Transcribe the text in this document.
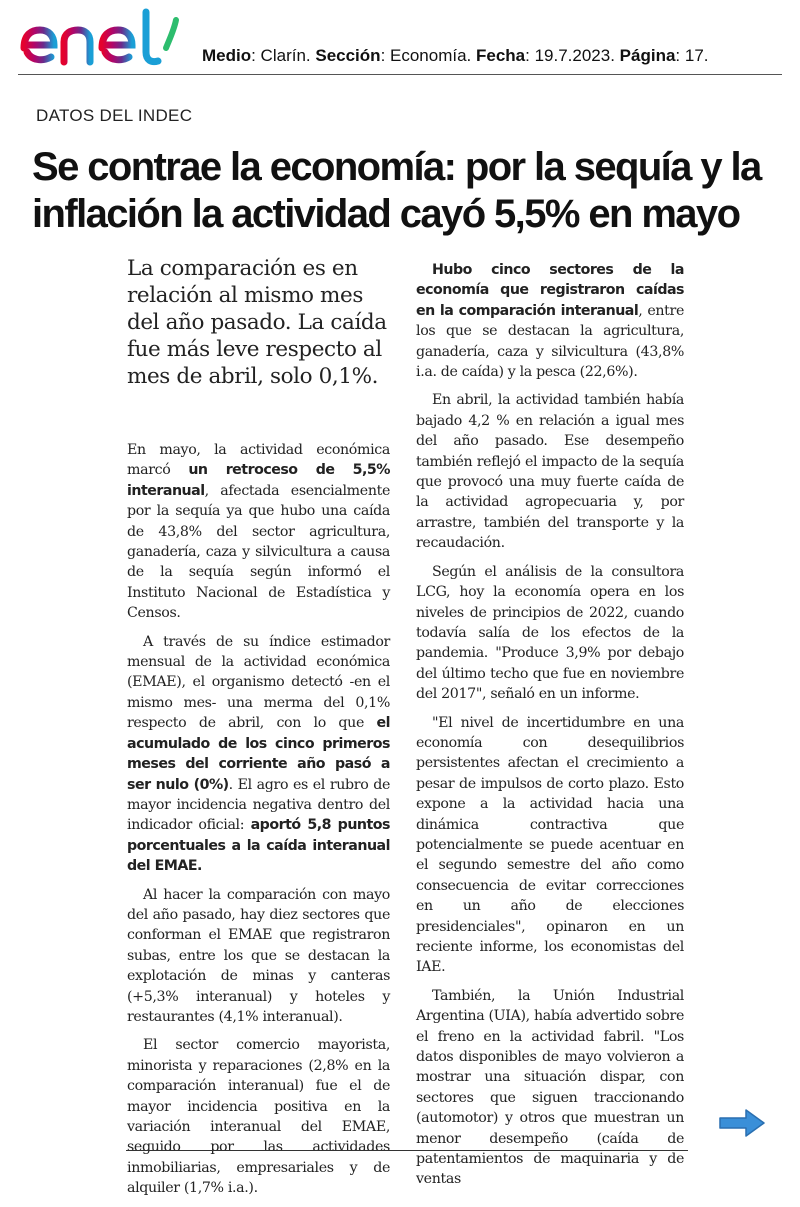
Medio: Clarín. Sección: Economía. Fecha: 19.7.2023. Página: 17.
DATOS DEL INDEC
Se contrae la economía: por la sequía y la inflación la actividad cayó 5,5% en mayo

La comparación es en relación al mismo mes del año pasado. La caída fue más leve respecto al mes de abril, solo 0,1%.

En mayo, la actividad económica marcó un retroceso de 5,5% interanual, afectada esencialmente por la sequía ya que hubo una caída de 43,8% del sector agricultura, ganadería, caza y silvicultura a causa de la sequía según informó el Instituto Nacional de Estadística y Censos.

A través de su índice estimador mensual de la actividad económica (EMAE), el organismo detectó -en el mismo mes- una merma del 0,1% respecto de abril, con lo que el acumulado de los cinco primeros meses del corriente año pasó a ser nulo (0%). El agro es el rubro de mayor incidencia negativa dentro del indicador oficial: aportó 5,8 puntos porcentuales a la caída interanual del EMAE.

Al hacer la comparación con mayo del año pasado, hay diez sectores que conforman el EMAE que registraron subas, entre los que se destacan la explotación de minas y canteras (+5,3% interanual) y hoteles y restaurantes (4,1% interanual).

El sector comercio mayorista, minorista y reparaciones (2,8% en la comparación interanual) fue el de mayor incidencia positiva en la variación interanual del EMAE, seguido por las actividades inmobiliarias, empresariales y de alquiler (1,7% i.a.).

Hubo cinco sectores de la economía que registraron caídas en la comparación interanual, entre los que se destacan la agricultura, ganadería, caza y silvicultura (43,8% i.a. de caída) y la pesca (22,6%).

En abril, la actividad también había bajado 4,2 % en relación a igual mes del año pasado. Ese desempeño también reflejó el impacto de la sequía que provocó una muy fuerte caída de la actividad agropecuaria y, por arrastre, también del transporte y la recaudación.

Según el análisis de la consultora LCG, hoy la economía opera en los niveles de principios de 2022, cuando todavía salía de los efectos de la pandemia. "Produce 3,9% por debajo del último techo que fue en noviembre del 2017", señaló en un informe.

"El nivel de incertidumbre en una economía con desequilibrios persistentes afectan el crecimiento a pesar de impulsos de corto plazo. Esto expone a la actividad hacia una dinámica contractiva que potencialmente se puede acentuar en el segundo semestre del año como consecuencia de evitar correcciones en un año de elecciones presidenciales", opinaron en un reciente informe, los economistas del IAE.

También, la Unión Industrial Argentina (UIA), había advertido sobre el freno en la actividad fabril. "Los datos disponibles de mayo volvieron a mostrar una situación dispar, con sectores que siguen traccionando (automotor) y otros que muestran un menor desempeño (caída de patentamientos de maquinaria y de ventas
